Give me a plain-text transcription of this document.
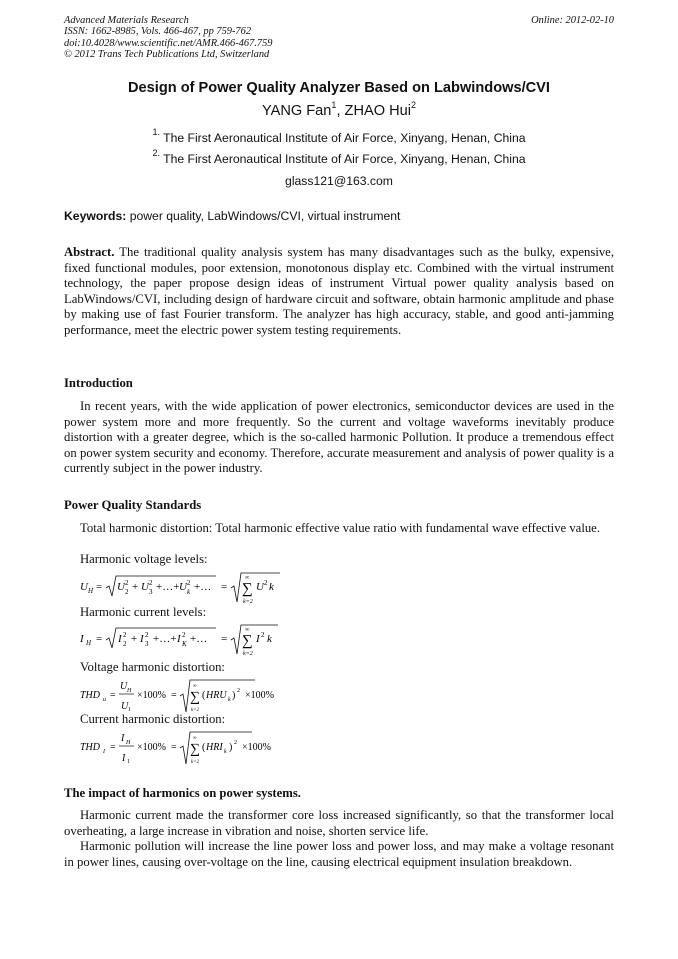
Advanced Materials Research
ISSN: 1662-8985, Vols. 466-467, pp 759-762
doi:10.4028/www.scientific.net/AMR.466-467.759
© 2012 Trans Tech Publications Ltd, Switzerland
Online: 2012-02-10
Design of Power Quality Analyzer Based on Labwindows/CVI
YANG Fan$^1$, ZHAO Hui$^2$
$^{1.}$ The First Aeronautical Institute of Air Force, Xinyang, Henan, China
$^{2.}$ The First Aeronautical Institute of Air Force, Xinyang, Henan, China
glass121@163.com
Keywords: power quality, LabWindows/CVI, virtual instrument
Abstract. The traditional quality analysis system has many disadvantages such as the bulky, expensive, fixed functional modules, poor extension, monotonous display etc. Combined with the virtual instrument technology, the paper propose design ideas of instrument Virtual power quality analysis based on LabWindows/CVI, including design of hardware circuit and software, obtain harmonic amplitude and phase by making use of fast Fourier transform. The analyzer has high accuracy, stable, and good anti-jamming performance, meet the electric power system testing requirements.
Introduction
In recent years, with the wide application of power electronics, semiconductor devices are used in the power system more and more frequently. So the current and voltage waveforms inevitably produce distortion with a greater degree, which is the so-called harmonic Pollution. It produce a tremendous effect on power system security and economy. Therefore, accurate measurement and analysis of power quality is a currently subject in the power industry.
Power Quality Standards
Total harmonic distortion: Total harmonic effective value ratio with fundamental wave effective value.
Harmonic voltage levels:
U H = U 2
2 + U 2
3 +…+ U 2
k +… = ∑
∞
k=2
U 2 k
Harmonic current levels:
I H = I 2
2 + I 2
3 +…+ I 2
K +… = ∑
∞
k=2
I 2 k
Voltage harmonic distortion:
THD u =
U H
U 1
×100% = ∑
∞
k=2
( HRU k ) 2 ×100%
Current harmonic distortion:
THD I =
I H
I 1
×100% = ∑
∞
k=2
( HRI k ) 2 ×100%
The impact of harmonics on power systems.
Harmonic current made the transformer core loss increased significantly, so that the transformer local overheating, a large increase in vibration and noise, shorten service life.
Harmonic pollution will increase the line power loss and power loss, and may make a voltage resonant in power lines, causing over-voltage on the line, causing electrical equipment insulation breakdown.
